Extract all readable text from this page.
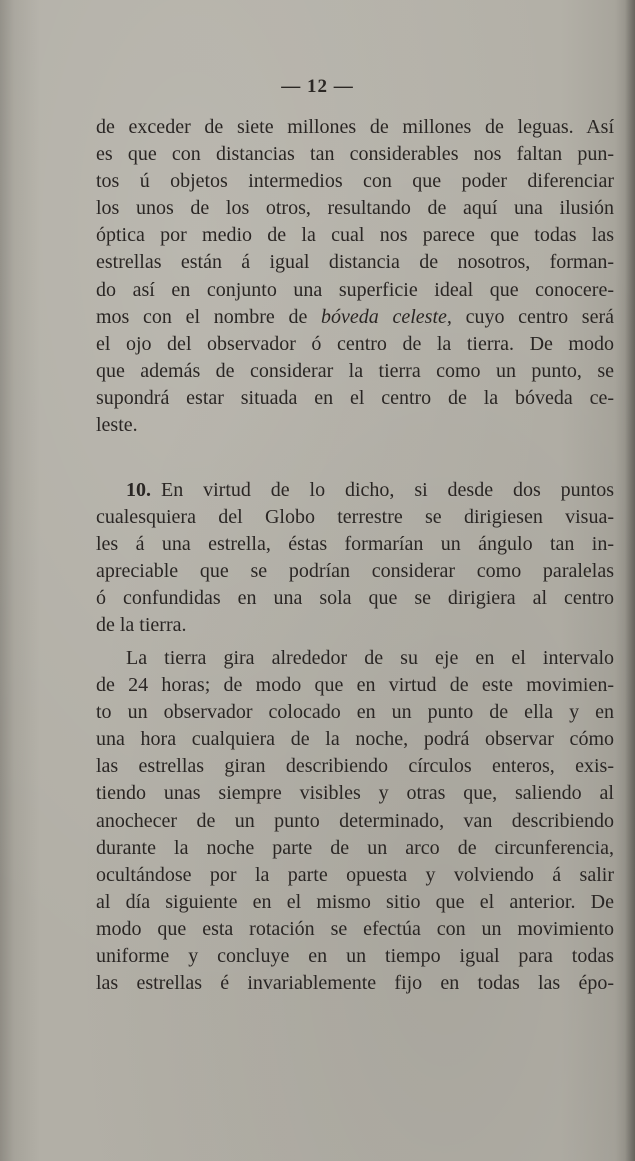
— 12 —
de exceder de siete millones de millones de leguas. Así
es que con distancias tan considerables nos faltan pun-
tos ú objetos intermedios con que poder diferenciar
los unos de los otros, resultando de aquí una ilusión
óptica por medio de la cual nos parece que todas las
estrellas están á igual distancia de nosotros, forman-
do así en conjunto una superficie ideal que conocere-
mos con el nombre de bóveda celeste, cuyo centro será
el ojo del observador ó centro de la tierra. De modo
que además de considerar la tierra como un punto, se
supondrá estar situada en el centro de la bóveda ce-
leste.
10. En virtud de lo dicho, si desde dos puntos
cualesquiera del Globo terrestre se dirigiesen visua-
les á una estrella, éstas formarían un ángulo tan in-
apreciable que se podrían considerar como paralelas
ó confundidas en una sola que se dirigiera al centro
de la tierra.
La tierra gira alrededor de su eje en el intervalo
de 24 horas; de modo que en virtud de este movimien-
to un observador colocado en un punto de ella y en
una hora cualquiera de la noche, podrá observar cómo
las estrellas giran describiendo círculos enteros, exis-
tiendo unas siempre visibles y otras que, saliendo al
anochecer de un punto determinado, van describiendo
durante la noche parte de un arco de circunferencia,
ocultándose por la parte opuesta y volviendo á salir
al día siguiente en el mismo sitio que el anterior. De
modo que esta rotación se efectúa con un movimiento
uniforme y concluye en un tiempo igual para todas
las estrellas é invariablemente fijo en todas las épo-
